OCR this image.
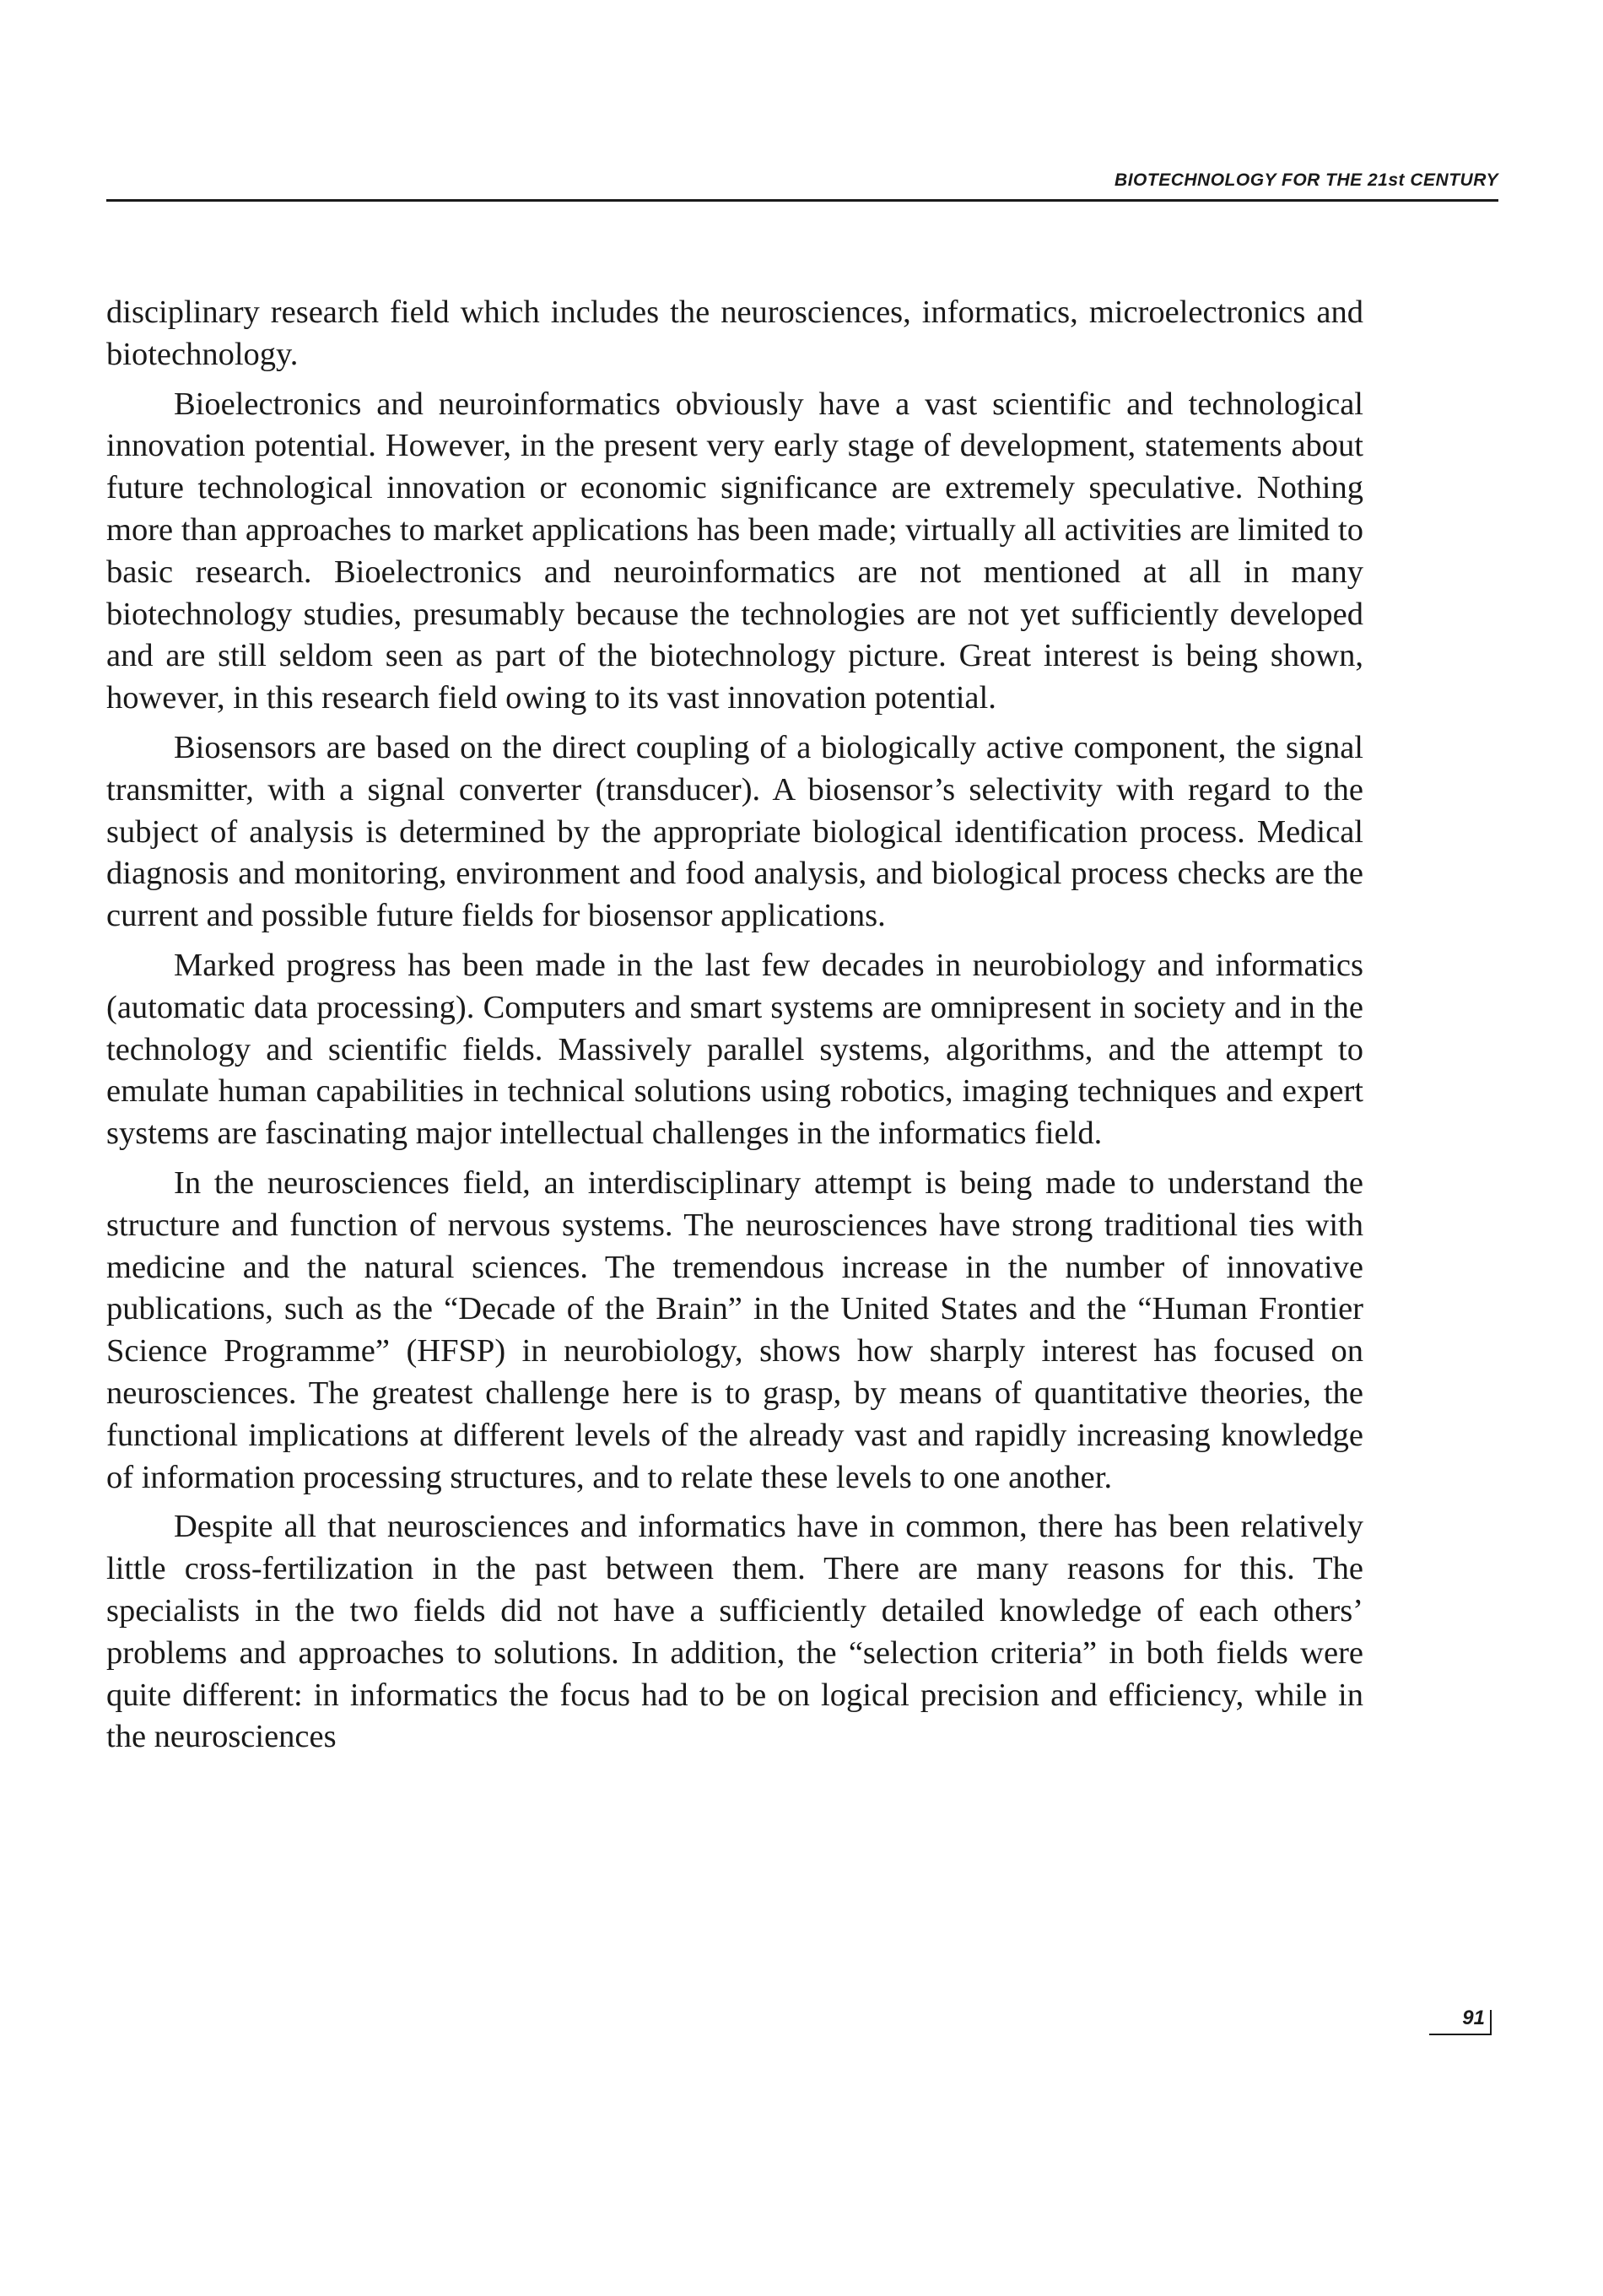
BIOTECHNOLOGY FOR THE 21st CENTURY

disciplinary research field which includes the neurosciences, informatics, microelectronics and biotechnology.

Bioelectronics and neuroinformatics obviously have a vast scientific and technological innovation potential. However, in the present very early stage of development, statements about future technological innovation or economic significance are extremely speculative. Nothing more than approaches to market applications has been made; virtually all activities are limited to basic research. Bioelectronics and neuroinformatics are not mentioned at all in many biotechnology studies, presumably because the technologies are not yet sufficiently developed and are still seldom seen as part of the biotechnology picture. Great interest is being shown, however, in this research field owing to its vast innovation potential.

Biosensors are based on the direct coupling of a biologically active component, the signal transmitter, with a signal converter (transducer). A biosensor’s selectivity with regard to the subject of analysis is determined by the appropriate biological identification process. Medical diagnosis and monitoring, environment and food analysis, and biological process checks are the current and possible future fields for biosensor applications.

Marked progress has been made in the last few decades in neurobiology and informatics (automatic data processing). Computers and smart systems are omnipresent in society and in the technology and scientific fields. Massively parallel systems, algorithms, and the attempt to emulate human capabilities in technical solutions using robotics, imaging techniques and expert systems are fascinating major intellectual challenges in the informatics field.

In the neurosciences field, an interdisciplinary attempt is being made to understand the structure and function of nervous systems. The neurosciences have strong traditional ties with medicine and the natural sciences. The tremendous increase in the number of innovative publications, such as the “Decade of the Brain” in the United States and the “Human Frontier Science Programme” (HFSP) in neurobiology, shows how sharply interest has focused on neurosciences. The greatest challenge here is to grasp, by means of quantitative theories, the functional implications at different levels of the already vast and rapidly increasing knowledge of information processing structures, and to relate these levels to one another.

Despite all that neurosciences and informatics have in common, there has been relatively little cross-fertilization in the past between them. There are many reasons for this. The specialists in the two fields did not have a sufficiently detailed knowledge of each others’ problems and approaches to solutions. In addition, the “selection criteria” in both fields were quite different: in informatics the focus had to be on logical precision and efficiency, while in the neurosciences

91
